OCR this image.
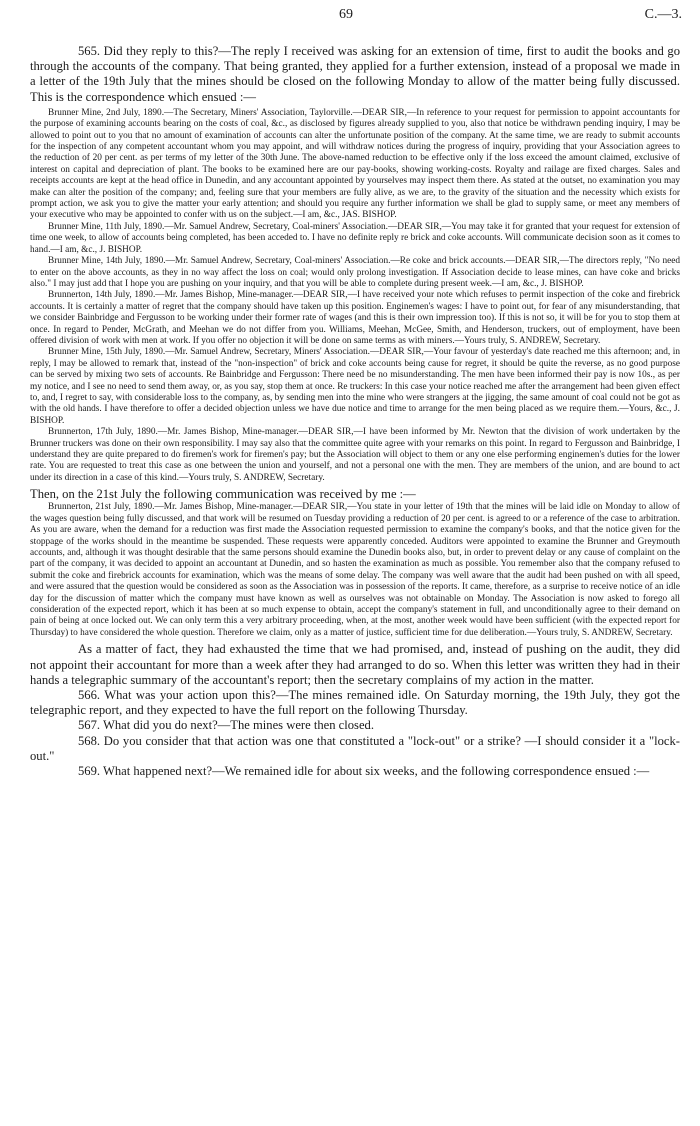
69	C.—3.

565. Did they reply to this?—The reply I received was asking for an extension of time, first to audit the books and go through the accounts of the company. That being granted, they applied for a further extension, instead of a proposal we made in a letter of the 19th July that the mines should be closed on the following Monday to allow of the matter being fully discussed. This is the correspondence which ensued :—

Brunner Mine, 2nd July, 1890.—The Secretary, Miners' Association, Taylorville.—DEAR SIR,—In reference to your request for permission to appoint accountants for the purpose of examining accounts bearing on the costs of coal, &c., as disclosed by figures already supplied to you, also that notice be withdrawn pending inquiry, I may be allowed to point out to you that no amount of examination of accounts can alter the unfortunate position of the company. At the same time, we are ready to submit accounts for the inspection of any competent accountant whom you may appoint, and will withdraw notices during the progress of inquiry, providing that your Association agrees to the reduction of 20 per cent. as per terms of my letter of the 30th June. The above-named reduction to be effective only if the loss exceed the amount claimed, exclusive of interest on capital and depreciation of plant. The books to be examined here are our pay-books, showing working-costs. Royalty and railage are fixed charges. Sales and receipts accounts are kept at the head office in Dunedin, and any accountant appointed by yourselves may inspect them there. As stated at the outset, no examination you may make can alter the position of the company; and, feeling sure that your members are fully alive, as we are, to the gravity of the situation and the necessity which exists for prompt action, we ask you to give the matter your early attention; and should you require any further information we shall be glad to supply same, or meet any members of your executive who may be appointed to confer with us on the subject.—I am, &c., JAS. BISHOP.

Brunner Mine, 11th July, 1890.—Mr. Samuel Andrew, Secretary, Coal-miners' Association.—DEAR SIR,—You may take it for granted that your request for extension of time one week, to allow of accounts being completed, has been acceded to. I have no definite reply re brick and coke accounts. Will communicate decision soon as it comes to hand.—I am, &c., J. BISHOP.

Brunner Mine, 14th July, 1890.—Mr. Samuel Andrew, Secretary, Coal-miners' Association.—Re coke and brick accounts.—DEAR SIR,—The directors reply, "No need to enter on the above accounts, as they in no way affect the loss on coal; would only prolong investigation. If Association decide to lease mines, can have coke and bricks also." I may just add that I hope you are pushing on your inquiry, and that you will be able to complete during present week.—I am, &c., J. BISHOP.

Brunnerton, 14th July, 1890.—Mr. James Bishop, Mine-manager.—DEAR SIR,—I have received your note which refuses to permit inspection of the coke and firebrick accounts. It is certainly a matter of regret that the company should have taken up this position. Enginemen's wages: I have to point out, for fear of any misunderstanding, that we consider Bainbridge and Fergusson to be working under their former rate of wages (and this is their own impression too). If this is not so, it will be for you to stop them at once. In regard to Pender, McGrath, and Meehan we do not differ from you. Williams, Meehan, McGee, Smith, and Henderson, truckers, out of employment, have been offered division of work with men at work. If you offer no objection it will be done on same terms as with miners.—Yours truly, S. ANDREW, Secretary.

Brunner Mine, 15th July, 1890.—Mr. Samuel Andrew, Secretary, Miners' Association.—DEAR SIR,—Your favour of yesterday's date reached me this afternoon; and, in reply, I may be allowed to remark that, instead of the "non-inspection" of brick and coke accounts being cause for regret, it should be quite the reverse, as no good purpose can be served by mixing two sets of accounts. Re Bainbridge and Fergusson: There need be no misunderstanding. The men have been informed their pay is now 10s., as per my notice, and I see no need to send them away, or, as you say, stop them at once. Re truckers: In this case your notice reached me after the arrangement had been given effect to, and, I regret to say, with considerable loss to the company, as, by sending men into the mine who were strangers at the jigging, the same amount of coal could not be got as with the old hands. I have therefore to offer a decided objection unless we have due notice and time to arrange for the men being placed as we require them.—Yours, &c., J. BISHOP.

Brunnerton, 17th July, 1890.—Mr. James Bishop, Mine-manager.—DEAR SIR,—I have been informed by Mr. Newton that the division of work undertaken by the Brunner truckers was done on their own responsibility. I may say also that the committee quite agree with your remarks on this point. In regard to Fergusson and Bainbridge, I understand they are quite prepared to do firemen's work for firemen's pay; but the Association will object to them or any one else performing enginemen's duties for the lower rate. You are requested to treat this case as one between the union and yourself, and not a personal one with the men. They are members of the union, and are bound to act under its direction in a case of this kind.—Yours truly, S. ANDREW, Secretary.

Then, on the 21st July the following communication was received by me :—

Brunnerton, 21st July, 1890.—Mr. James Bishop, Mine-manager.—DEAR SIR,—You state in your letter of 19th that the mines will be laid idle on Monday to allow of the wages question being fully discussed, and that work will be resumed on Tuesday providing a reduction of 20 per cent. is agreed to or a reference of the case to arbitration. As you are aware, when the demand for a reduction was first made the Association requested permission to examine the company's books, and that the notice given for the stoppage of the works should in the meantime be suspended. These requests were apparently conceded. Auditors were appointed to examine the Brunner and Greymouth accounts, and, although it was thought desirable that the same persons should examine the Dunedin books also, but, in order to prevent delay or any cause of complaint on the part of the company, it was decided to appoint an accountant at Dunedin, and so hasten the examination as much as possible. You remember also that the company refused to submit the coke and firebrick accounts for examination, which was the means of some delay. The company was well aware that the audit had been pushed on with all speed, and were assured that the question would be considered as soon as the Association was in possession of the reports. It came, therefore, as a surprise to receive notice of an idle day for the discussion of matter which the company must have known as well as ourselves was not obtainable on Monday. The Association is now asked to forego all consideration of the expected report, which it has been at so much expense to obtain, accept the company's statement in full, and unconditionally agree to their demand on pain of being at once locked out. We can only term this a very arbitrary proceeding, when, at the most, another week would have been sufficient (with the expected report for Thursday) to have considered the whole question. Therefore we claim, only as a matter of justice, sufficient time for due deliberation.—Yours truly, S. ANDREW, Secretary.

As a matter of fact, they had exhausted the time that we had promised, and, instead of pushing on the audit, they did not appoint their accountant for more than a week after they had arranged to do so. When this letter was written they had in their hands a telegraphic summary of the accountant's report; then the secretary complains of my action in the matter.

566. What was your action upon this?—The mines remained idle. On Saturday morning, the 19th July, they got the telegraphic report, and they expected to have the full report on the following Thursday.

567. What did you do next?—The mines were then closed.

568. Do you consider that that action was one that constituted a "lock-out" or a strike? —I should consider it a "lock-out."

569. What happened next?—We remained idle for about six weeks, and the following correspondence ensued :—
